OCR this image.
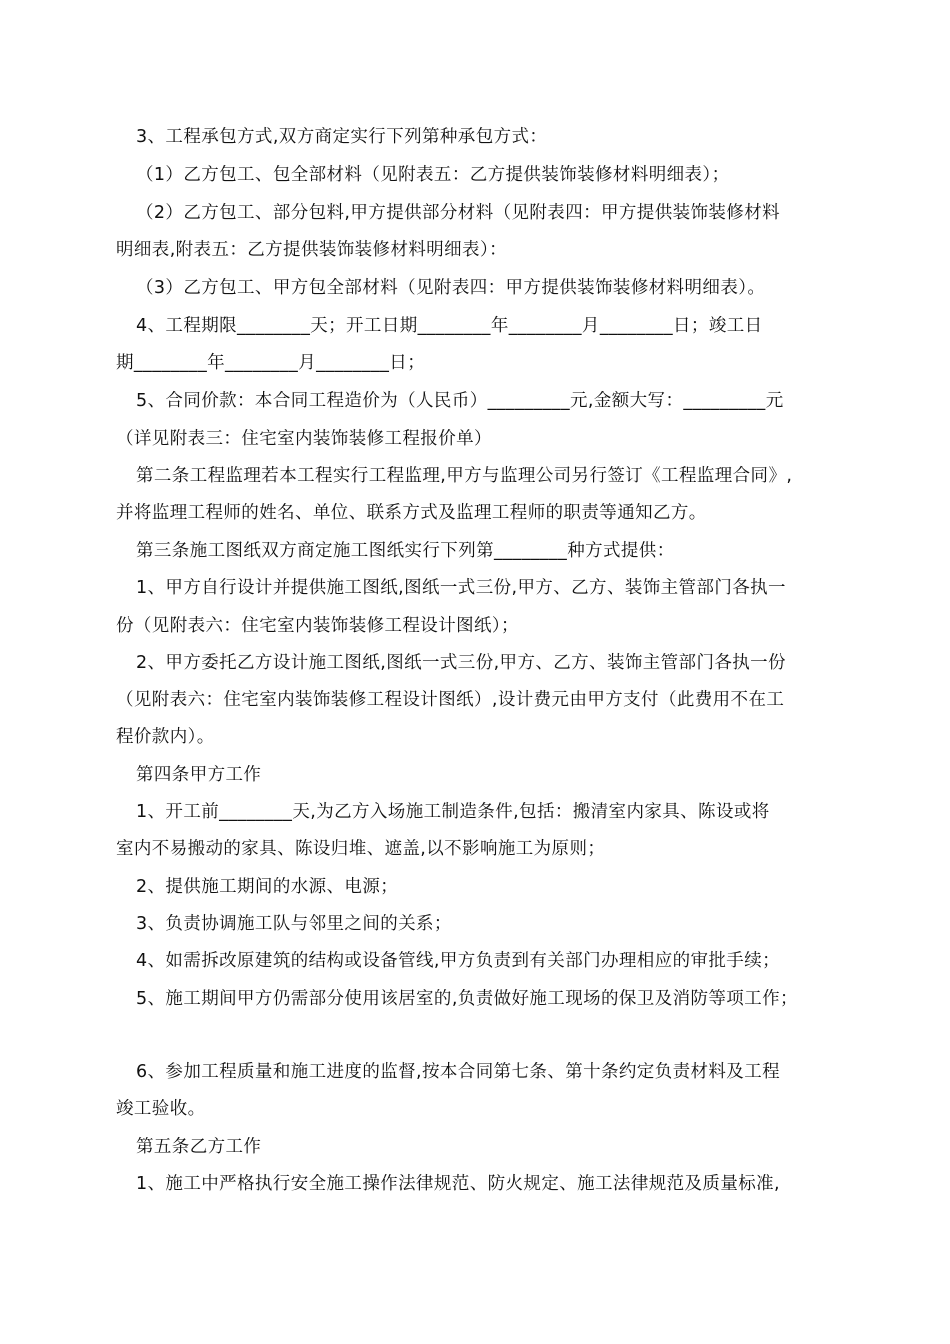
3、工程承包方式,双方商定实行下列第种承包方式：
（1）乙方包工、包全部材料（见附表五：乙方提供装饰装修材料明细表）；
（2）乙方包工、部分包料,甲方提供部分材料（见附表四：甲方提供装饰装修材料
明细表,附表五：乙方提供装饰装修材料明细表）：
（3）乙方包工、甲方包全部材料（见附表四：甲方提供装饰装修材料明细表）。
4、工程期限________天；开工日期________年________月________日；竣工日
期________年________月________日；
5、合同价款：本合同工程造价为（人民币）_________元,金额大写：_________元
（详见附表三：住宅室内装饰装修工程报价单）
第二条工程监理若本工程实行工程监理,甲方与监理公司另行签订《工程监理合同》,
并将监理工程师的姓名、单位、联系方式及监理工程师的职责等通知乙方。
第三条施工图纸双方商定施工图纸实行下列第________种方式提供：
1、甲方自行设计并提供施工图纸,图纸一式三份,甲方、乙方、装饰主管部门各执一
份（见附表六：住宅室内装饰装修工程设计图纸）；
2、甲方委托乙方设计施工图纸,图纸一式三份,甲方、乙方、装饰主管部门各执一份
（见附表六：住宅室内装饰装修工程设计图纸）,设计费元由甲方支付（此费用不在工
程价款内）。
第四条甲方工作
1、开工前________天,为乙方入场施工制造条件,包括：搬清室内家具、陈设或将
室内不易搬动的家具、陈设归堆、遮盖,以不影响施工为原则；
2、提供施工期间的水源、电源；
3、负责协调施工队与邻里之间的关系；
4、如需拆改原建筑的结构或设备管线,甲方负责到有关部门办理相应的审批手续；
5、施工期间甲方仍需部分使用该居室的,负责做好施工现场的保卫及消防等项工作；
6、参加工程质量和施工进度的监督,按本合同第七条、第十条约定负责材料及工程
竣工验收。
第五条乙方工作
1、施工中严格执行安全施工操作法律规范、防火规定、施工法律规范及质量标准,
